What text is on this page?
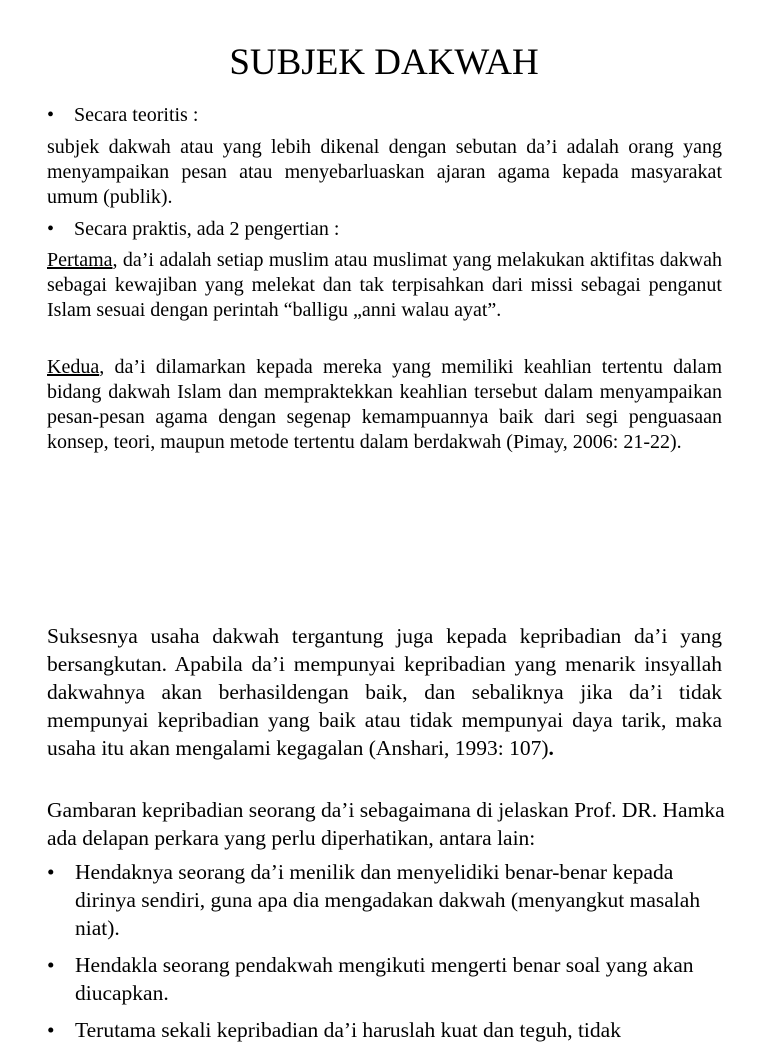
SUBJEK DAKWAH

• Secara teoritis :

subjek dakwah atau yang lebih dikenal dengan sebutan da’i adalah orang yang menyampaikan pesan atau menyebarluaskan ajaran agama kepada masyarakat umum (publik).

• Secara praktis, ada 2 pengertian :

Pertama, da’i adalah setiap muslim atau muslimat yang melakukan aktifitas dakwah sebagai kewajiban yang melekat dan tak terpisahkan dari missi sebagai penganut Islam sesuai dengan perintah “balligu „anni walau ayat”.

Kedua, da’i dilamarkan kepada mereka yang memiliki keahlian tertentu dalam bidang dakwah Islam dan mempraktekkan keahlian tersebut dalam menyampaikan pesan-pesan agama dengan segenap kemampuannya baik dari segi penguasaan konsep, teori, maupun metode tertentu dalam berdakwah (Pimay, 2006: 21-22).

Suksesnya usaha dakwah tergantung juga kepada kepribadian da’i yang bersangkutan. Apabila da’i mempunyai kepribadian yang menarik insyallah dakwahnya akan berhasildengan baik, dan sebaliknya jika da’i tidak mempunyai kepribadian yang baik atau tidak mempunyai daya tarik, maka usaha itu akan mengalami kegagalan (Anshari, 1993: 107).

Gambaran kepribadian seorang da’i sebagaimana di jelaskan Prof. DR. Hamka ada delapan perkara yang perlu diperhatikan, antara lain:

• Hendaknya seorang da’i menilik dan menyelidiki benar-benar kepada dirinya sendiri, guna apa dia mengadakan dakwah (menyangkut masalah niat).
• Hendakla seorang pendakwah mengikuti mengerti benar soal yang akan diucapkan.
• Terutama sekali kepribadian da’i haruslah kuat dan teguh, tidak
